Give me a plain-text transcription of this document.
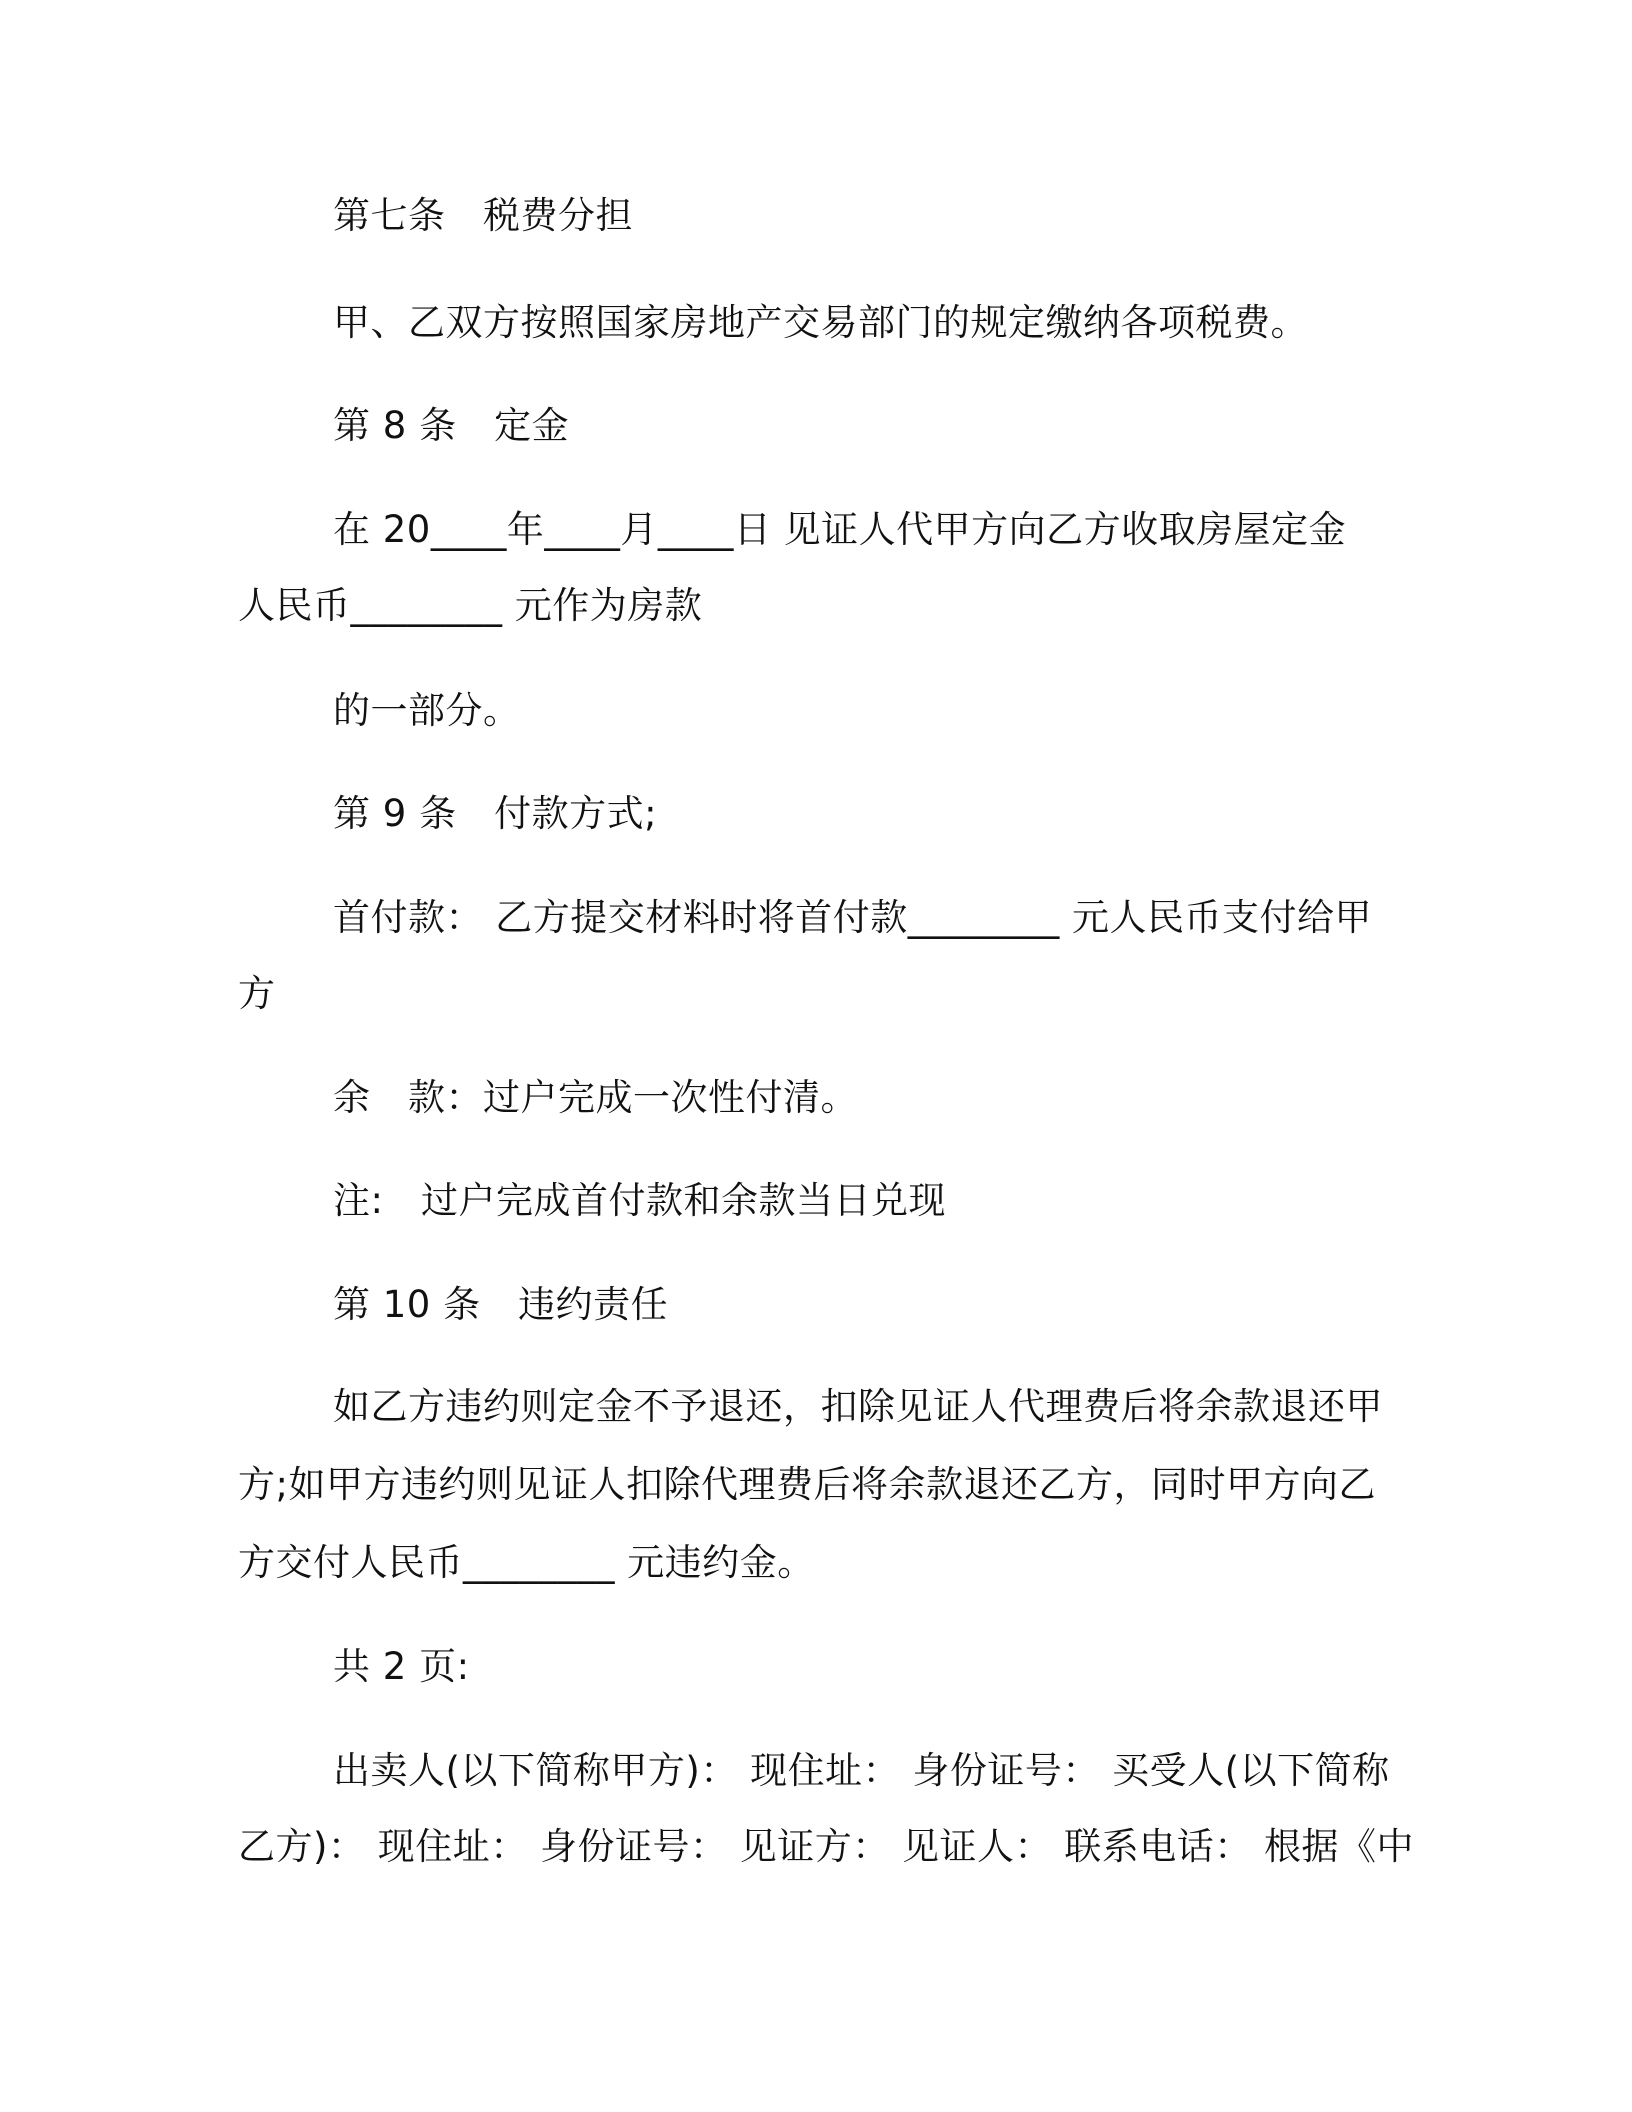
第七条　税费分担
甲、乙双方按照国家房地产交易部门的规定缴纳各项税费。
第 8 条　定金
在 20____年____月____日 见证人代甲方向乙方收取房屋定金
人民币________ 元作为房款
的一部分。
第 9 条　付款方式;
首付款： 乙方提交材料时将首付款________ 元人民币支付给甲
方
余　款：过户完成一次性付清。
注:　过户完成首付款和余款当日兑现
第 10 条　违约责任
如乙方违约则定金不予退还，扣除见证人代理费后将余款退还甲
方;如甲方违约则见证人扣除代理费后将余款退还乙方，同时甲方向乙
方交付人民币________ 元违约金。
共 2 页:
出卖人(以下简称甲方)： 现住址： 身份证号： 买受人(以下简称
乙方)： 现住址： 身份证号： 见证方： 见证人： 联系电话： 根据《中
